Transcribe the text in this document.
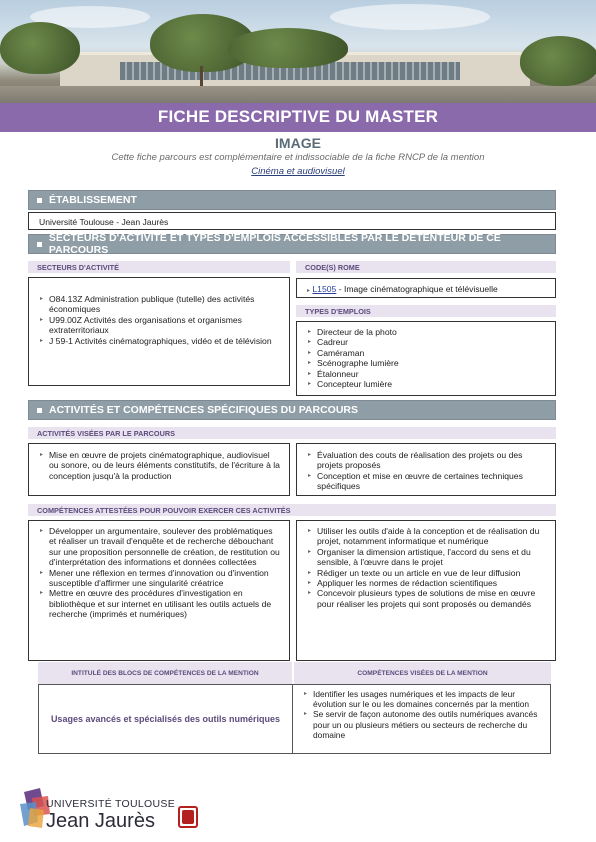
FICHE DESCRIPTIVE DU MASTER
IMAGE
Cette fiche parcours est complémentaire et indissociable de la fiche RNCP de la mention
Cinéma et audiovisuel
ÉTABLISSEMENT
Université Toulouse - Jean Jaurès
SECTEURS D'ACTIVITÉ ET TYPES D'EMPLOIS ACCESSIBLES PAR LE DÉTENTEUR DE CE PARCOURS
SECTEURS D'ACTIVITÉ
▸ O84.13Z Administration publique (tutelle) des activités économiques
▸ U99.00Z Activités des organisations et organismes extraterritoriaux
▸ J 59-1 Activités cinématographiques, vidéo et de télévision
CODE(S) ROME
▸ L1505 - Image cinématographique et télévisuelle
TYPES D'EMPLOIS
▸ Directeur de la photo
▸ Cadreur
▸ Caméraman
▸ Scénographe lumière
▸ Étalonneur
▸ Concepteur lumière
ACTIVITÉS ET COMPÉTENCES SPÉCIFIQUES DU PARCOURS
ACTIVITÉS VISÉES PAR LE PARCOURS
▸ Mise en œuvre de projets cinématographique, audiovisuel ou sonore, ou de leurs éléments constitutifs, de l'écriture à la conception jusqu'à la production
▸ Évaluation des couts de réalisation des projets ou des projets proposés
▸ Conception et mise en œuvre de certaines techniques spécifiques
COMPÉTENCES ATTESTÉES POUR POUVOIR EXERCER CES ACTIVITÉS
▸ Développer un argumentaire, soulever des problématiques et réaliser un travail d'enquête et de recherche débouchant sur une proposition personnelle de création, de restitution ou d'interprétation des informations et données collectées
▸ Mener une réflexion en termes d'innovation ou d'invention susceptible d'affirmer une singularité créatrice
▸ Mettre en œuvre des procédures d'investigation en bibliothèque et sur internet en utilisant les outils actuels de recherche (imprimés et numériques)
▸ Utiliser les outils d'aide à la conception et de réalisation du projet, notamment informatique et numérique
▸ Organiser la dimension artistique, l'accord du sens et du sensible, à l'œuvre dans le projet
▸ Rédiger un texte ou un article en vue de leur diffusion
▸ Appliquer les normes de rédaction scientifiques
▸ Concevoir plusieurs types de solutions de mise en œuvre pour réaliser les projets qui sont proposés ou demandés
INTITULÉ DES BLOCS DE COMPÉTENCES DE LA MENTION	COMPÉTENCES VISÉES DE LA MENTION
Usages avancés et spécialisés des outils numériques
▸ Identifier les usages numériques et les impacts de leur évolution sur le ou les domaines concernés par la mention
▸ Se servir de façon autonome des outils numériques avancés pour un ou plusieurs métiers ou secteurs de recherche du domaine
UNIVERSITÉ TOULOUSE
Jean Jaurès
